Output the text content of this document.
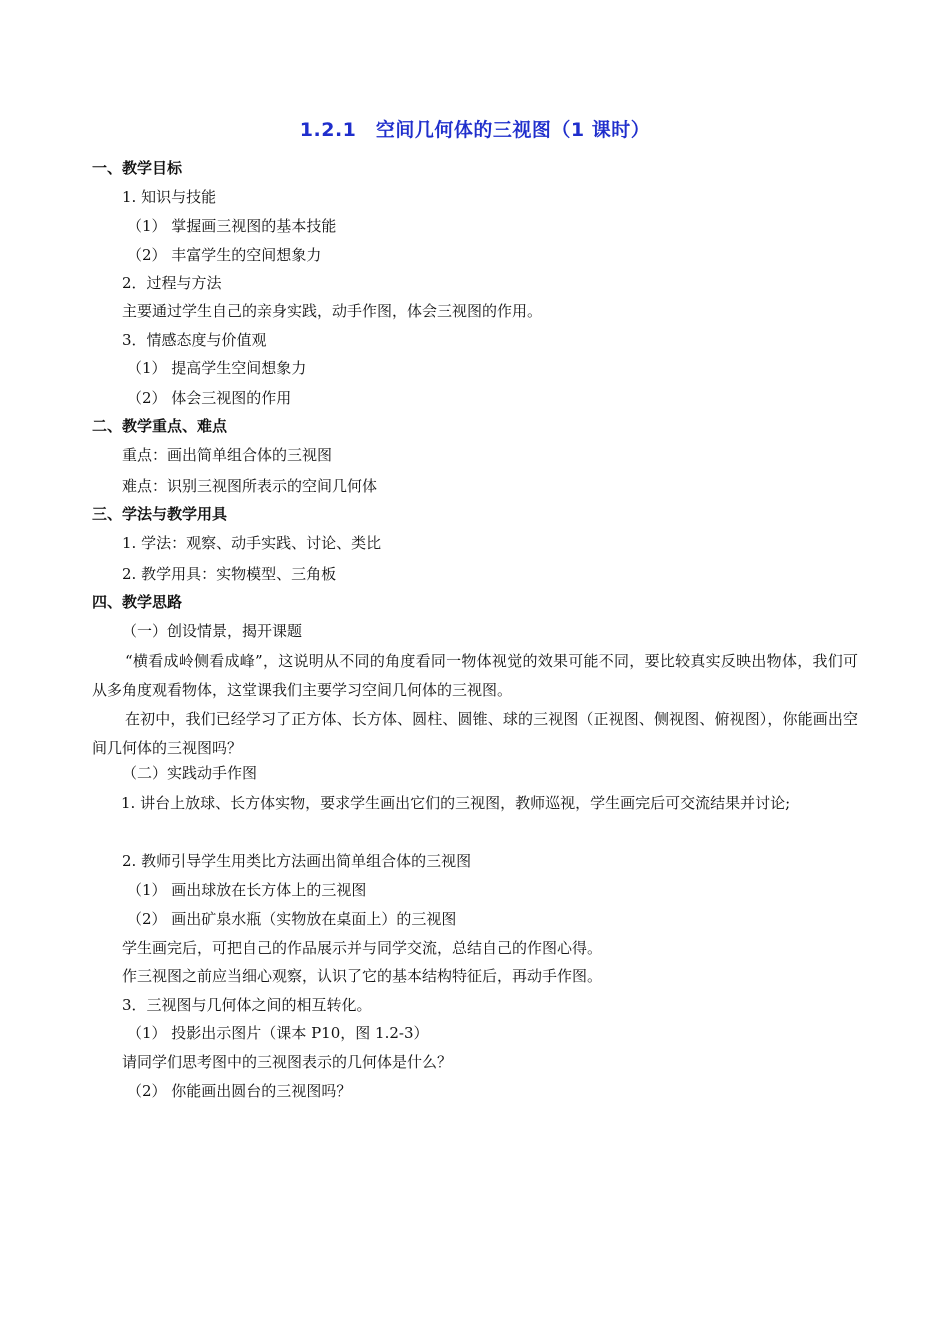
1.2.1　空间几何体的三视图（1 课时）
一、教学目标
1. 知识与技能
（1） 掌握画三视图的基本技能
（2） 丰富学生的空间想象力
2．过程与方法
主要通过学生自己的亲身实践，动手作图，体会三视图的作用。
3．情感态度与价值观
（1） 提高学生空间想象力
（2） 体会三视图的作用
二、教学重点、难点
重点：画出简单组合体的三视图
难点：识别三视图所表示的空间几何体
三、学法与教学用具
1. 学法：观察、动手实践、讨论、类比
2. 教学用具：实物模型、三角板
四、教学思路
（一）创设情景，揭开课题
“横看成岭侧看成峰”，这说明从不同的角度看同一物体视觉的效果可能不同，要比较真实反映出物体，我们可从多角度观看物体，这堂课我们主要学习空间几何体的三视图。
在初中，我们已经学习了正方体、长方体、圆柱、圆锥、球的三视图（正视图、侧视图、俯视图），你能画出空间几何体的三视图吗？
（二）实践动手作图
1. 讲台上放球、长方体实物，要求学生画出它们的三视图，教师巡视，学生画完后可交流结果并讨论;
2. 教师引导学生用类比方法画出简单组合体的三视图
（1） 画出球放在长方体上的三视图
（2） 画出矿泉水瓶（实物放在桌面上）的三视图
学生画完后，可把自己的作品展示并与同学交流，总结自己的作图心得。
作三视图之前应当细心观察，认识了它的基本结构特征后，再动手作图。
3．三视图与几何体之间的相互转化。
（1） 投影出示图片（课本 P10，图 1.2-3）
请同学们思考图中的三视图表示的几何体是什么？
（2） 你能画出圆台的三视图吗？
